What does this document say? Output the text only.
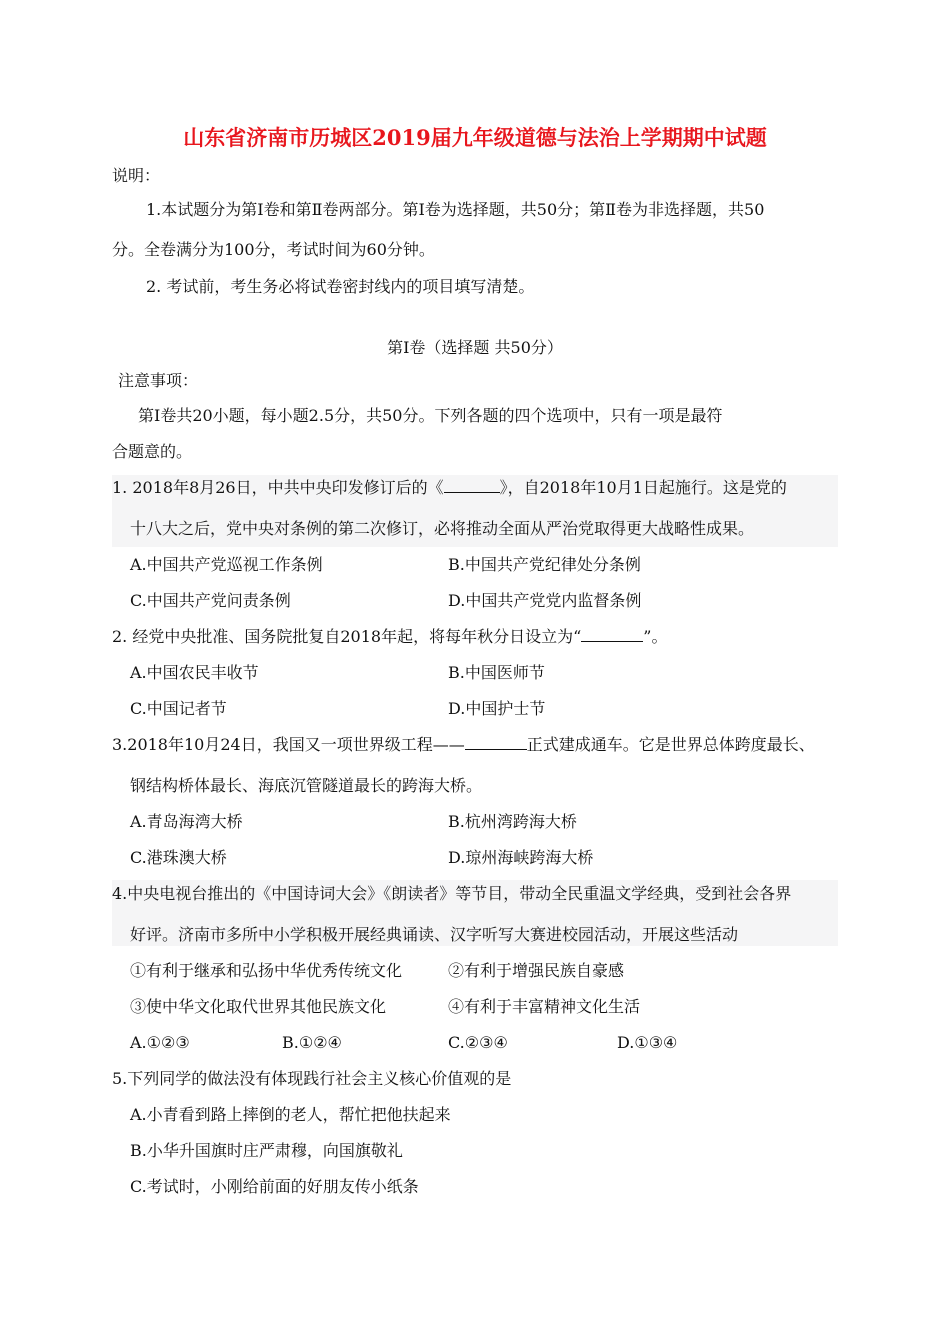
山东省济南市历城区2019届九年级道德与法治上学期期中试题
说明：
1.本试题分为第Ⅰ卷和第Ⅱ卷两部分。第Ⅰ卷为选择题，共50分；第Ⅱ卷为非选择题，共50
分。全卷满分为100分，考试时间为60分钟。
2. 考试前，考生务必将试卷密封线内的项目填写清楚。
第Ⅰ卷（选择题 共50分）
注意事项：
第Ⅰ卷共20小题，每小题2.5分，共50分。下列各题的四个选项中，只有一项是最符
合题意的。
1. 2018年8月26日，中共中央印发修订后的《	》，自2018年10月1日起施行。这是党的
十八大之后，党中央对条例的第二次修订，必将推动全面从严治党取得更大战略性成果。
A.中国共产党巡视工作条例	B.中国共产党纪律处分条例
C.中国共产党问责条例	D.中国共产党党内监督条例
2. 经党中央批准、国务院批复自2018年起，将每年秋分日设立为“	”。
A.中国农民丰收节	B.中国医师节
C.中国记者节	D.中国护士节
3.2018年10月24日，我国又一项世界级工程——	正式建成通车。它是世界总体跨度最长、
钢结构桥体最长、海底沉管隧道最长的跨海大桥。
A.青岛海湾大桥	B.杭州湾跨海大桥
C.港珠澳大桥	D.琼州海峡跨海大桥
4.中央电视台推出的《中国诗词大会》《朗读者》等节目，带动全民重温文学经典，受到社会各界
好评。济南市多所中小学积极开展经典诵读、汉字听写大赛进校园活动，开展这些活动
①有利于继承和弘扬中华优秀传统文化	②有利于增强民族自豪感
③使中华文化取代世界其他民族文化	④有利于丰富精神文化生活
A.①②③	B.①②④	C.②③④	D.①③④
5.下列同学的做法没有体现践行社会主义核心价值观的是
A.小青看到路上摔倒的老人，帮忙把他扶起来
B.小华升国旗时庄严肃穆，向国旗敬礼
C.考试时，小刚给前面的好朋友传小纸条
